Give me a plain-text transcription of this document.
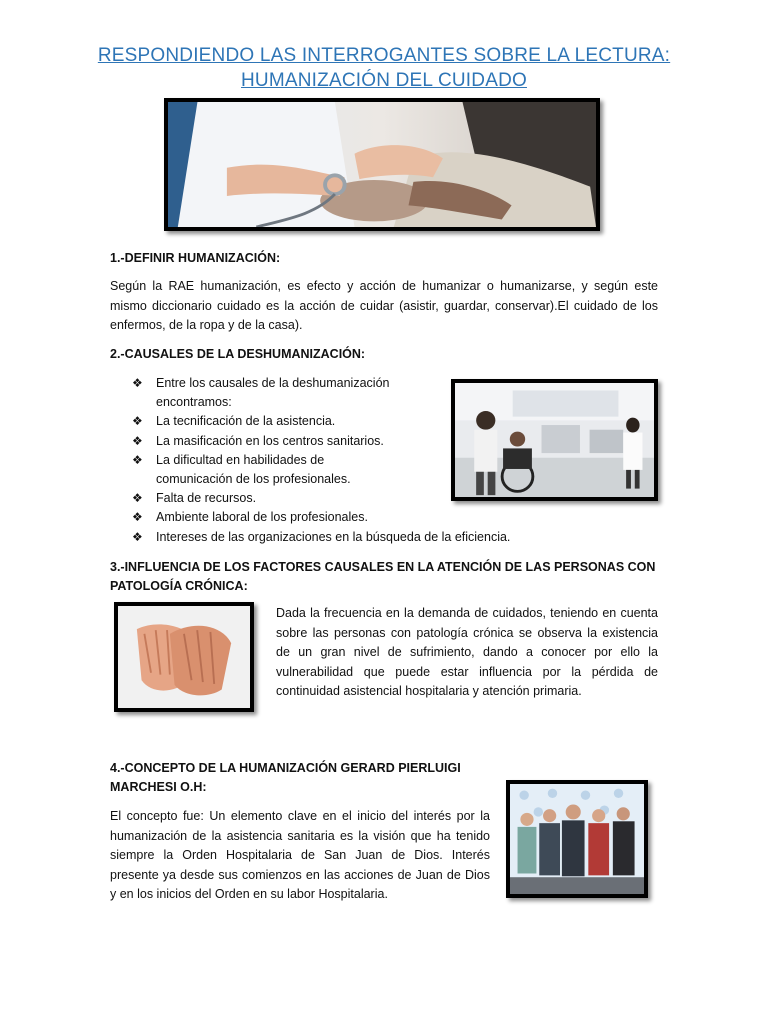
RESPONDIENDO LAS INTERROGANTES SOBRE LA LECTURA:
HUMANIZACIÓN DEL CUIDADO
1.-DEFINIR HUMANIZACIÓN:
Según la RAE humanización, es efecto y acción de humanizar o humanizarse, y según este mismo diccionario cuidado es la acción de cuidar (asistir, guardar, conservar).El cuidado de los enfermos, de la ropa y de la casa).
2.-CAUSALES DE LA DESHUMANIZACIÓN:
❖ Entre los causales de la deshumanización
encontramos:
❖ La tecnificación de la asistencia.
❖ La masificación en los centros sanitarios.
❖ La dificultad en habilidades de
comunicación de los profesionales.
❖ Falta de recursos.
❖ Ambiente laboral de los profesionales.
❖ Intereses de las organizaciones en la búsqueda de la eficiencia.
3.-INFLUENCIA DE LOS FACTORES CAUSALES EN LA ATENCIÓN DE LAS PERSONAS CON
PATOLOGÍA CRÓNICA:
Dada la frecuencia en la demanda de cuidados, teniendo en cuenta sobre las personas con patología crónica se observa la existencia de un gran nivel de sufrimiento, dando a conocer por ello la vulnerabilidad que puede estar influencia por la pérdida de continuidad asistencial hospitalaria y atención primaria.
4.-CONCEPTO DE LA HUMANIZACIÓN GERARD PIERLUIGI
MARCHESI O.H:
El concepto fue: Un elemento clave en el inicio del interés por la humanización de la asistencia sanitaria es la visión que ha tenido siempre la Orden Hospitalaria de San Juan de Dios. Interés presente ya desde sus comienzos en las acciones de Juan de Dios y en los inicios del Orden en su labor Hospitalaria.
